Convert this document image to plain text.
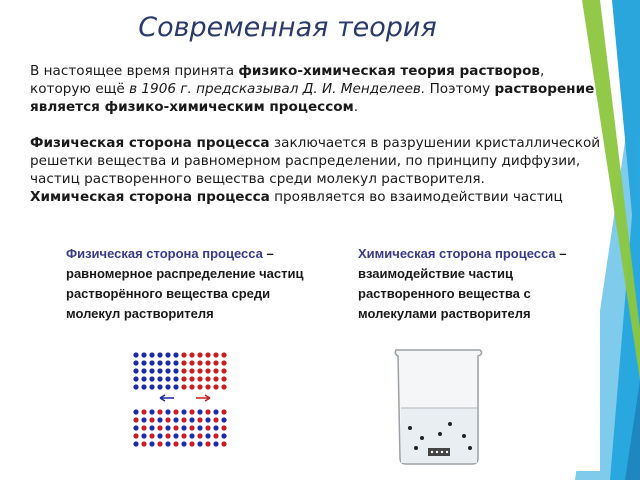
Современная теория

В настоящее время принята физико-химическая теория растворов, которую ещё в 1906 г. предсказывал Д. И. Менделеев. Поэтому растворение является физико-химическим процессом.

Физическая сторона процесса заключается в разрушении кристаллической решетки вещества и равномерном распределении, по принципу диффузии, частиц растворенного вещества среди молекул растворителя.

Химическая сторона процесса проявляется во взаимодействии частиц

Физическая сторона процесса –
равномерное распределение частиц растворённого вещества среди молекул растворителя
Химическая сторона процесса –
взаимодействие частиц растворенного вещества с молекулами растворителя
